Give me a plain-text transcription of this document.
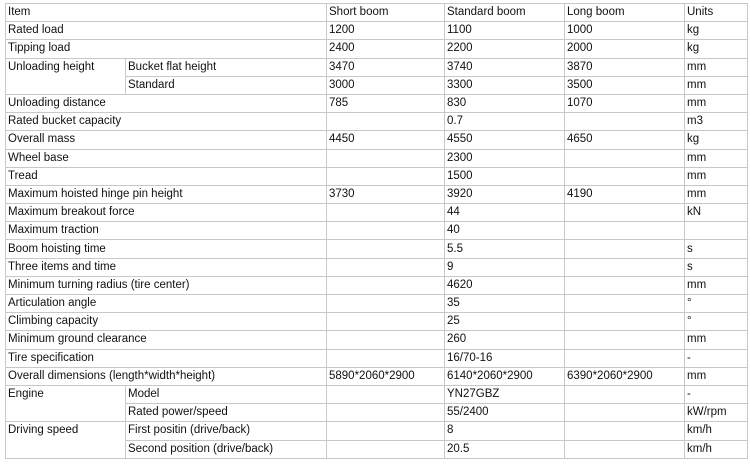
Item		Short boom	Standard boom	Long boom	Units
Rated load		1200	1100	1000	kg
Tipping load		2400	2200	2000	kg
Unloading height	Bucket flat height	3470	3740	3870	mm
	Standard	3000	3300	3500	mm
Unloading distance		785	830	1070	mm
Rated bucket capacity			0.7		m3
Overall mass		4450	4550	4650	kg
Wheel base			2300		mm
Tread			1500		mm
Maximum hoisted hinge pin height		3730	3920	4190	mm
Maximum breakout force			44		kN
Maximum traction			40		
Boom hoisting time			5.5		s
Three items and time			9		s
Minimum turning radius (tire center)			4620		mm
Articulation angle			35		°
Climbing capacity			25		°
Minimum ground clearance			260		mm
Tire specification			16/70-16		-
Overall dimensions (length*width*height)		5890*2060*2900	6140*2060*2900	6390*2060*2900	mm
Engine	Model		YN27GBZ		-
	Rated power/speed		55/2400		kW/rpm
Driving speed	First positin (drive/back)		8		km/h
	Second position (drive/back)		20.5		km/h
